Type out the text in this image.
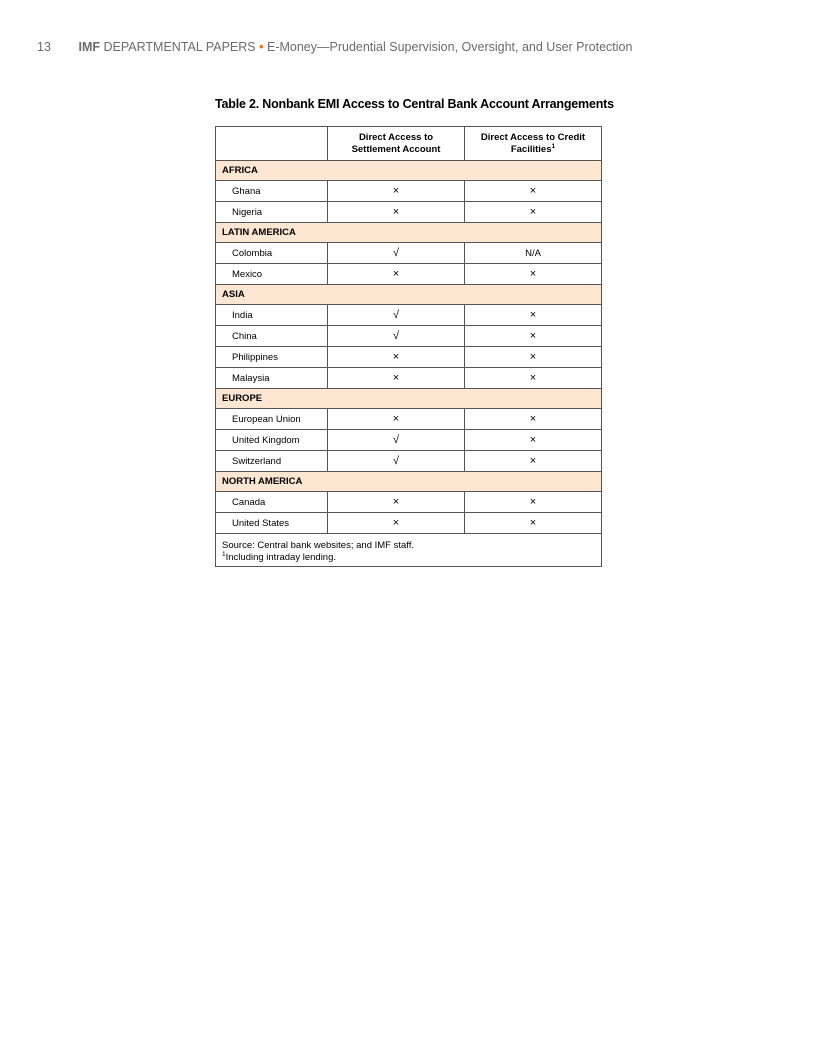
13 IMF DEPARTMENTAL PAPERS • E-Money—Prudential Supervision, Oversight, and User Protection
Table 2. Nonbank EMI Access to Central Bank Account Arrangements
	Direct Access to Settlement Account	Direct Access to Credit Facilities$^1$
AFRICA		
Ghana	×	×
Nigeria	×	×
LATIN AMERICA		
Colombia	√	N/A
Mexico	×	×
ASIA		
India	√	×
China	√	×
Philippines	×	×
Malaysia	×	×
EUROPE		
European Union	×	×
United Kingdom	√	×
Switzerland	√	×
NORTH AMERICA		
Canada	×	×
United States	×	×

Source: Central bank websites; and IMF staff.
$^1$Including intraday lending.		
